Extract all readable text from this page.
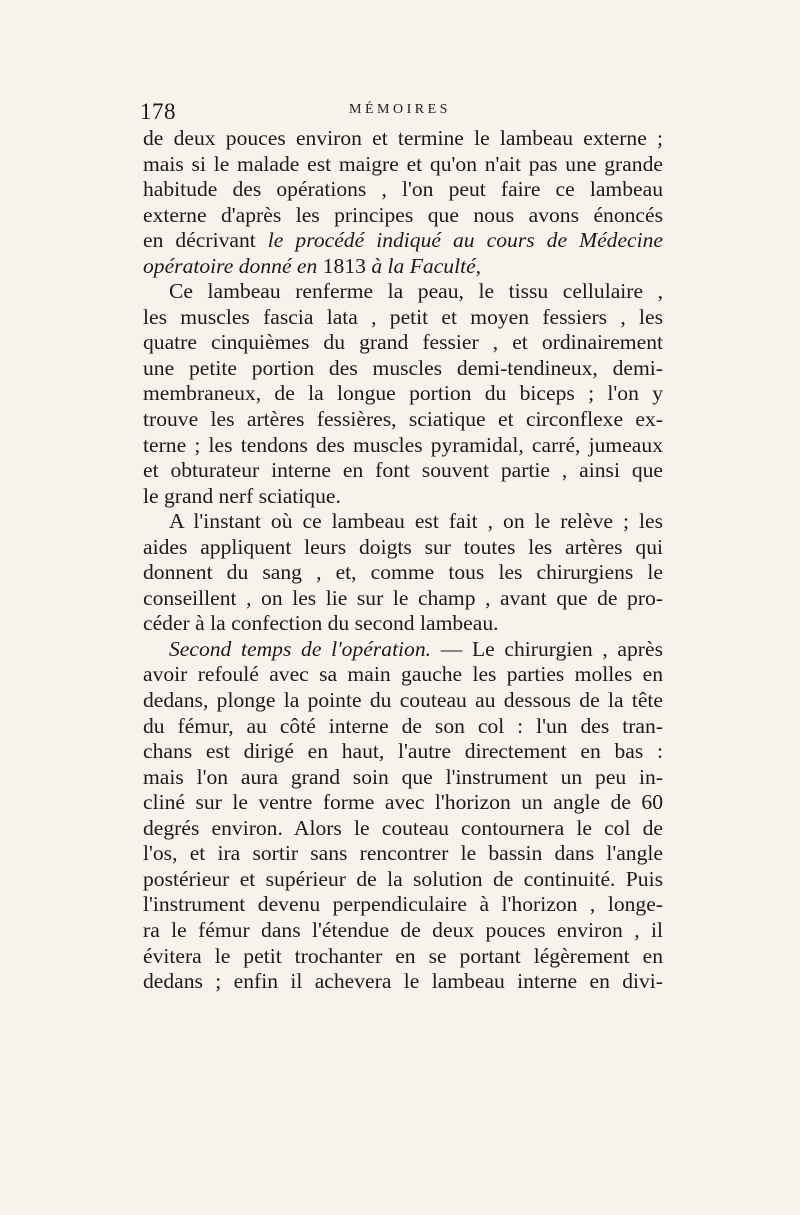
178	MÉMOIRES
de deux pouces environ et termine le lambeau externe ;
mais si le malade est maigre et qu'on n'ait pas une grande
habitude des opérations , l'on peut faire ce lambeau
externe d'après les principes que nous avons énoncés
en décrivant le procédé indiqué au cours de Médecine
opératoire donné en 1813 à la Faculté,
Ce lambeau renferme la peau, le tissu cellulaire ,
les muscles fascia lata , petit et moyen fessiers , les
quatre cinquièmes du grand fessier , et ordinairement
une petite portion des muscles demi-tendineux, demi-
membraneux, de la longue portion du biceps ; l'on y
trouve les artères fessières, sciatique et circonflexe ex-
terne ; les tendons des muscles pyramidal, carré, jumeaux
et obturateur interne en font souvent partie , ainsi que
le grand nerf sciatique.
A l'instant où ce lambeau est fait , on le relève ; les
aides appliquent leurs doigts sur toutes les artères qui
donnent du sang , et, comme tous les chirurgiens le
conseillent , on les lie sur le champ , avant que de pro-
céder à la confection du second lambeau.
Second temps de l'opération. — Le chirurgien , après
avoir refoulé avec sa main gauche les parties molles en
dedans, plonge la pointe du couteau au dessous de la tête
du fémur, au côté interne de son col : l'un des tran-
chans est dirigé en haut, l'autre directement en bas :
mais l'on aura grand soin que l'instrument un peu in-
cliné sur le ventre forme avec l'horizon un angle de 60
degrés environ. Alors le couteau contournera le col de
l'os, et ira sortir sans rencontrer le bassin dans l'angle
postérieur et supérieur de la solution de continuité. Puis
l'instrument devenu perpendiculaire à l'horizon , longe-
ra le fémur dans l'étendue de deux pouces environ , il
évitera le petit trochanter en se portant légèrement en
dedans ; enfin il achevera le lambeau interne en divi-
